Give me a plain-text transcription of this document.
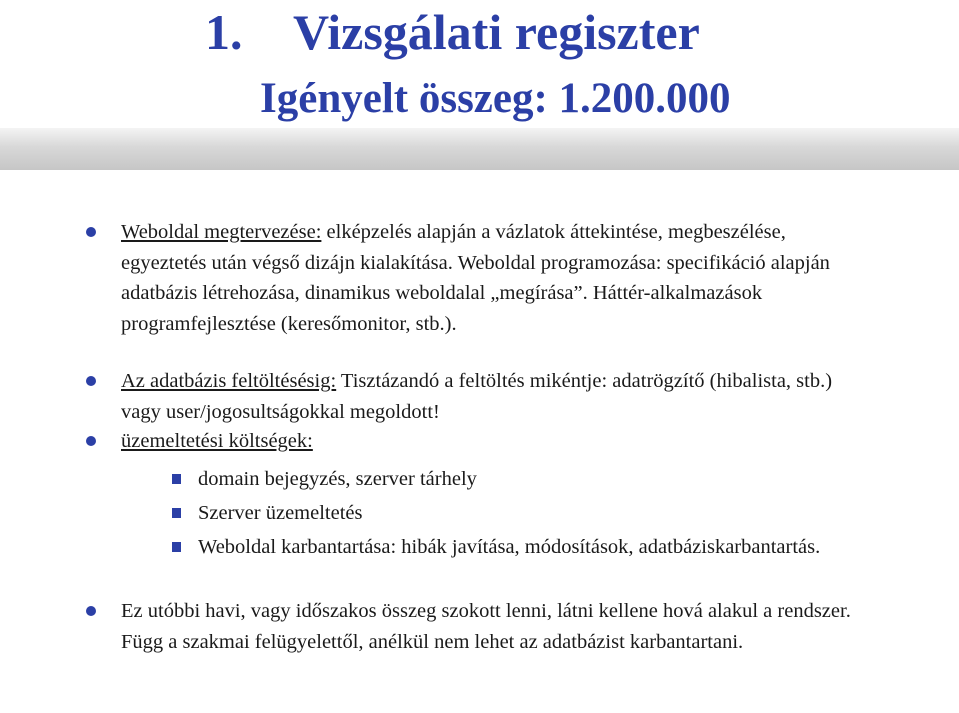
1. Vizsgálati regiszter
Igényelt összeg: 1.200.000
Weboldal megtervezése: elképzelés alapján a vázlatok áttekintése, megbeszélése, egyeztetés után végső dizájn kialakítása. Weboldal programozása: specifikáció alapján adatbázis létrehozása, dinamikus weboldalal „megírása”. Háttér-alkalmazások programfejlesztése (keresőmonitor, stb.).
Az adatbázis feltöltésésig: Tisztázandó a feltöltés mikéntje: adatrögzítő (hibalista, stb.) vagy user/jogosultságokkal megoldott!
üzemeltetési költségek:
domain bejegyzés, szerver tárhely
Szerver üzemeltetés
Weboldal karbantartása: hibák javítása, módosítások, adatbáziskarbantartás.
Ez utóbbi havi, vagy időszakos összeg szokott lenni, látni kellene hová alakul a rendszer. Függ a szakmai felügyelettől, anélkül nem lehet az adatbázist karbantartani.
